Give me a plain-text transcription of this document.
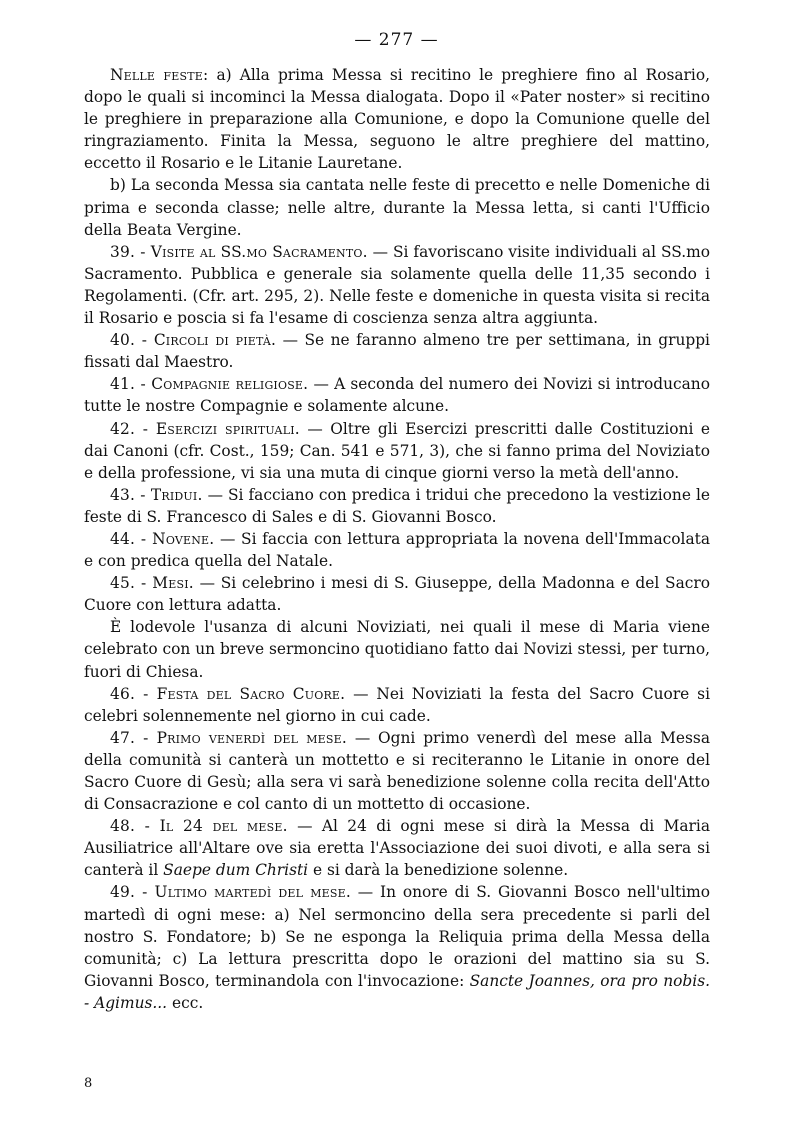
— 277 —

Nelle feste: a) Alla prima Messa si recitino le preghiere fino al Rosario, dopo le quali si incominci la Messa dialogata. Dopo il «Pater noster» si recitino le preghiere in preparazione alla Comunione, e dopo la Comunione quelle del ringraziamento. Finita la Messa, seguono le altre preghiere del mattino, eccetto il Rosario e le Litanie Lauretane.

b) La seconda Messa sia cantata nelle feste di precetto e nelle Domeniche di prima e seconda classe; nelle altre, durante la Messa letta, si canti l'Ufficio della Beata Vergine.

39. - Visite al SS.mo Sacramento. — Si favoriscano visite individuali al SS.mo Sacramento. Pubblica e generale sia solamente quella delle 11,35 secondo i Regolamenti. (Cfr. art. 295, 2). Nelle feste e domeniche in questa visita si recita il Rosario e poscia si fa l'esame di coscienza senza altra aggiunta.

40. - Circoli di pietà. — Se ne faranno almeno tre per settimana, in gruppi fissati dal Maestro.

41. - Compagnie religiose. — A seconda del numero dei Novizi si introducano tutte le nostre Compagnie e solamente alcune.

42. - Esercizi spirituali. — Oltre gli Esercizi prescritti dalle Costituzioni e dai Canoni (cfr. Cost., 159; Can. 541 e 571, 3), che si fanno prima del Noviziato e della professione, vi sia una muta di cinque giorni verso la metà dell'anno.

43. - Tridui. — Si facciano con predica i tridui che precedono la vestizione le feste di S. Francesco di Sales e di S. Giovanni Bosco.

44. - Novene. — Si faccia con lettura appropriata la novena dell'Immacolata e con predica quella del Natale.

45. - Mesi. — Si celebrino i mesi di S. Giuseppe, della Madonna e del Sacro Cuore con lettura adatta.

È lodevole l'usanza di alcuni Noviziati, nei quali il mese di Maria viene celebrato con un breve sermoncino quotidiano fatto dai Novizi stessi, per turno, fuori di Chiesa.

46. - Festa del Sacro Cuore. — Nei Noviziati la festa del Sacro Cuore si celebri solennemente nel giorno in cui cade.

47. - Primo venerdì del mese. — Ogni primo venerdì del mese alla Messa della comunità si canterà un mottetto e si reciteranno le Litanie in onore del Sacro Cuore di Gesù; alla sera vi sarà benedizione solenne colla recita dell'Atto di Consacrazione e col canto di un mottetto di occasione.

48. - Il 24 del mese. — Al 24 di ogni mese si dirà la Messa di Maria Ausiliatrice all'Altare ove sia eretta l'Associazione dei suoi divoti, e alla sera si canterà il Saepe dum Christi e si darà la benedizione solenne.

49. - Ultimo martedì del mese. — In onore di S. Giovanni Bosco nell'ultimo martedì di ogni mese: a) Nel sermoncino della sera precedente si parli del nostro S. Fondatore; b) Se ne esponga la Reliquia prima della Messa della comunità; c) La lettura prescritta dopo le orazioni del mattino sia su S. Giovanni Bosco, terminandola con l'invocazione: Sancte Joannes, ora pro nobis. - Agimus... ecc.

8
